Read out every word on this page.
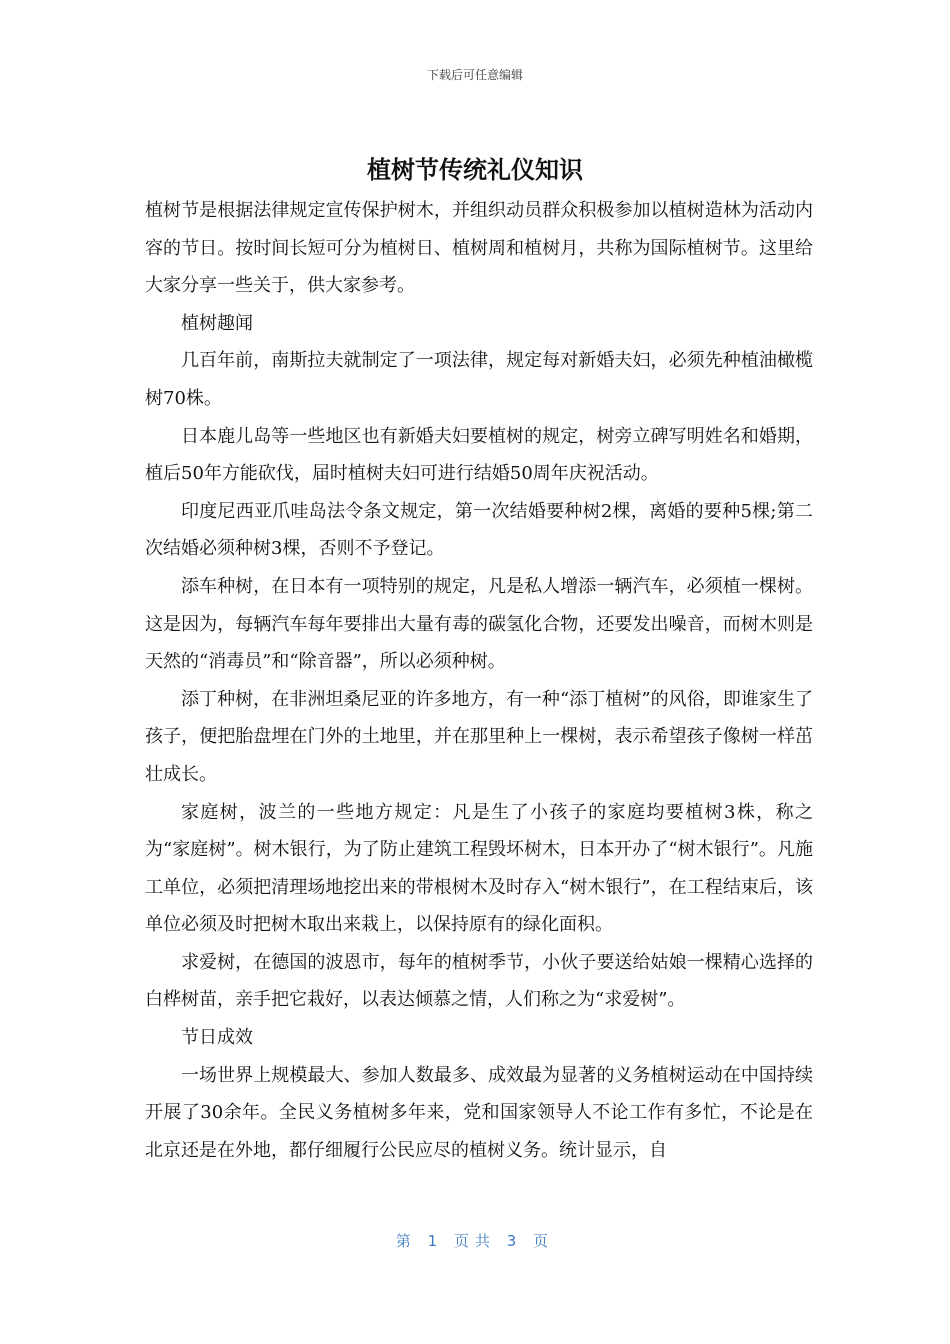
下载后可任意编辑
植树节传统礼仪知识

植树节是根据法律规定宣传保护树木，并组织动员群众积极参加以植树造林为活动内容的节日。按时间长短可分为植树日、植树周和植树月，共称为国际植树节。这里给大家分享一些关于，供大家参考。

植树趣闻

几百年前，南斯拉夫就制定了一项法律，规定每对新婚夫妇，必须先种植油橄榄树70株。

日本鹿儿岛等一些地区也有新婚夫妇要植树的规定，树旁立碑写明姓名和婚期，植后50年方能砍伐，届时植树夫妇可进行结婚50周年庆祝活动。

印度尼西亚爪哇岛法令条文规定，第一次结婚要种树2棵，离婚的要种5棵;第二次结婚必须种树3棵，否则不予登记。

添车种树，在日本有一项特别的规定，凡是私人增添一辆汽车，必须植一棵树。这是因为，每辆汽车每年要排出大量有毒的碳氢化合物，还要发出噪音，而树木则是天然的“消毒员”和“除音器”，所以必须种树。

添丁种树，在非洲坦桑尼亚的许多地方，有一种“添丁植树”的风俗，即谁家生了孩子，便把胎盘埋在门外的土地里，并在那里种上一棵树，表示希望孩子像树一样茁壮成长。

家庭树，波兰的一些地方规定：凡是生了小孩子的家庭均要植树3株，称之为“家庭树”。树木银行，为了防止建筑工程毁坏树木，日本开办了“树木银行”。凡施工单位，必须把清理场地挖出来的带根树木及时存入“树木银行”，在工程结束后，该单位必须及时把树木取出来栽上，以保持原有的绿化面积。

求爱树，在德国的波恩市，每年的植树季节，小伙子要送给姑娘一棵精心选择的白桦树苗，亲手把它栽好，以表达倾慕之情，人们称之为“求爱树”。

节日成效

一场世界上规模最大、参加人数最多、成效最为显著的义务植树运动在中国持续开展了30余年。全民义务植树多年来，党和国家领导人不论工作有多忙，不论是在北京还是在外地，都仔细履行公民应尽的植树义务。统计显示，自

第 1 页共 3 页
